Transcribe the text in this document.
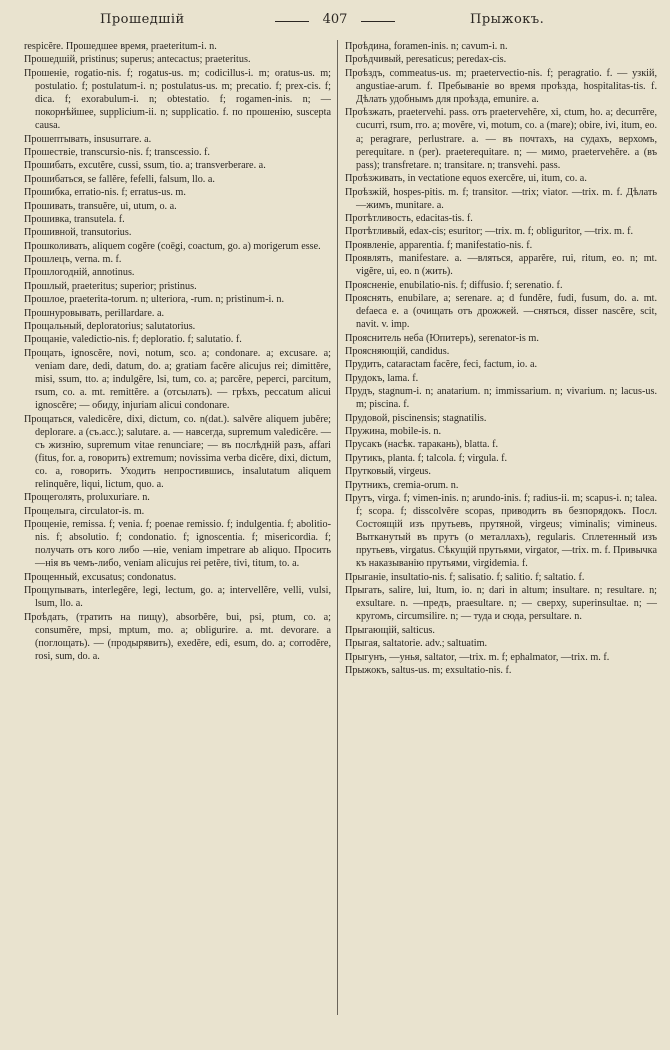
Прошедшій	407	Прыжокъ.

respicĕre. Прошедшее время, praeteritum-i. n.

Прошедшій, pristinus; superus; antecactus; praeteritus.

Прошеніе, rogatio-nis. f; rogatus-us. m; codicillus-i. m; oratus-us. m; postulatio. f; postulatum-i. n; postulatus-us. m; precatio. f; prex-cis. f; dica. f; exorabulum-i. n; obtestatio. f; rogamen-inis. n; — покорнѣйшее, supplicium-ii. n; supplicatio. f. по прошенію, suscepta causa.

Прошептывать, insusurrare. a.

Прошествіе, transcursio-nis. f; transcessio. f.

Прошибать, excutĕre, cussi, ssum, tio. a; transverberare. a.

Прошибаться, se fallĕre, fefelli, falsum, llo. a.

Прошибка, erratio-nis. f; erratus-us. m.

Прошивать, transuĕre, ui, utum, o. a.

Прошивка, transutela. f.

Прошивной, transutorius.

Прошколивать, aliquem cogĕre (coēgi, coactum, go. a) morigerum esse.

Прошлецъ, verna. m. f.

Прошлогодній, annotinus.

Прошлый, praeteritus; superior; pristinus.

Прошлое, praeterita-torum. n; ulteriora, -rum. n; pristinum-i. n.

Прошнуровывать, perillardare. a.

Прощальный, deploratorius; salutatorius.

Прощаніе, valedictio-nis. f; deploratio. f; salutatio. f.

Прощать, ignoscĕre, novi, notum, sco. a; condonare. a; excusare. a; veniam dare, dedi, datum, do. a; gratiam facĕre alicujus rei; dimittĕre, misi, ssum, tto. a; indulgĕre, lsi, tum, co. a; parcĕre, peperci, parcitum, rsum, co. a. mt. remittĕre. a (отсылать). — грѣхъ, peccatum alicui ignoscĕre; — обиду, injuriam alicui condonare.

Прощаться, valedicĕre, dixi, dictum, co. n(dat.). salvĕre aliquem jubĕre; deplorare. a (съ.acc.); salutare. a. — навсегда, supremum valedicĕre. — съ жизнію, supremum vitae renunciare; — въ послѣдній разъ, affari (fitus, for. a, говорить) extremum; novissima verba dicĕre, dixi, dictum, co. a, говорить. Уходить непростившись, insalutatum aliquem relinquĕre, liqui, lictum, quo. a.

Прощеголять, proluxuriare. n.

Прощелыга, circulator-is. m.

Прощеніе, remissa. f; venia. f; poenae remissio. f; indulgentia. f; abolitio-nis. f; absolutio. f; condonatio. f; ignoscentia. f; misericordia. f; получать отъ кого либо —ніе, veniam impetrare ab aliquo. Просить —нія въ чемъ-либо, veniam alicujus rei petĕre, tivi, titum, to. a.

Прощенный, excusatus; condonatus.

Прощупывать, interlegĕre, legi, lectum, go. a; intervellĕre, velli, vulsi, lsum, llo. a.

Проѣдать, (тратить на пищу), absorbĕre, bui, psi, ptum, co. a; consumĕre, mpsi, mptum, mo. a; obligurire. a. mt. devorare. a (поглощать). — (продырявить), exedĕre, edi, esum, do. a; corrodĕre, rosi, sum, do. a.

Проѣдина, foramen-inis. n; cavum-i. n.

Проѣдчивый, peresaticus; peredax-cis.

Проѣздъ, commeatus-us. m; praetervectio-nis. f; peragratio. f. — узкій, angustiae-arum. f. Пребываніе во время проѣзда, hospitalitas-tis. f. Дѣлать удобнымъ для проѣзда, emunire. a.

Проѣзжать, praetervehi. pass. отъ praetervehĕre, xi, ctum, ho. a; decurrĕre, cucurri, rsum, rro. a; movĕre, vi, motum, co. a (mare); obire, ivi, itum, eo. a; peragrare, perlustrare. a. — въ почтахъ, на судахъ, верхомъ, perequitare. n (per). praeterequitare. n; — мимо, praetervehĕre. a (въ pass); transfretare. n; transitare. n; transvehi. pass.

Проѣзживать, in vectatione equos exercĕre, ui, itum, co. a.

Проѣзжій, hospes-pitis. m. f; transitor. —trix; viator. —trix. m. f. Дѣлать —жимъ, munitare. a.

Протѣтливость, edacitas-tis. f.

Протѣтливый, edax-cis; esuritor; —trix. m. f; obliguritor, —trix. m. f.

Проявленіе, apparentia. f; manifestatio-nis. f.

Проявлять, manifestare. a. —вляться, apparĕre, rui, ritum, eo. n; mt. vigĕre, ui, eo. n (жить).

Проясненіе, enubilatio-nis. f; diffusio. f; serenatio. f.

Прояснять, enubilare, a; serenare. a; d fundĕre, fudi, fusum, do. a. mt. defaeca e. a (очищать отъ дрожжей. —сняться, disser nascĕre, scit, navit. v. imp.

Прояснитель неба (Юпитеръ), serenator-is m.

Проясняющій, candidus.

Прудить, cataractam facĕre, feci, factum, io. a.

Прудокъ, lama. f.

Прудъ, stagnum-i. n; anatarium. n; immissarium. n; vivarium. n; lacus-us. m; piscina. f.

Прудовой, piscinensis; stagnatilis.

Пружина, mobile-is. n.

Прусакъ (насѣк. таракань), blatta. f.

Прутикъ, planta. f; talcola. f; virgula. f.

Прутковый, virgeus.

Прутникъ, cremia-orum. n.

Прутъ, virga. f; vimen-inis. n; arundo-inis. f; radius-ii. m; scapus-i. n; talea. f; scopa. f; disscolvĕre scopas, приводить въ безпорядокъ. Посл. Состоящій изъ прутьевъ, прутяной, virgeus; viminalis; vimineus. Вытканутый въ прутъ (о металлахъ), regularis. Сплетенный изъ прутьевъ, virgatus. Сѣкущій прутьями, virgator, —trix. m. f. Привычка къ наказыванію прутьями, virgidemia. f.

Прыганіе, insultatio-nis. f; salisatio. f; salitio. f; saltatio. f.

Прыгать, salire, lui, ltum, io. n; dari in altum; insultare. n; resultare. n; exsultare. n. —предъ, praesultare. n; — сверху, superinsultae. n; — кругомъ, circumsilire. n; — туда и сюда, persultare. n.

Прыгающій, salticus.

Прыгая, saltatorie. adv.; saltuatim.

Прыгунъ, —унья, saltator, —trix. m. f; ephalmator, —trix. m. f.

Прыжокъ, saltus-us. m; exsultatio-nis. f.
